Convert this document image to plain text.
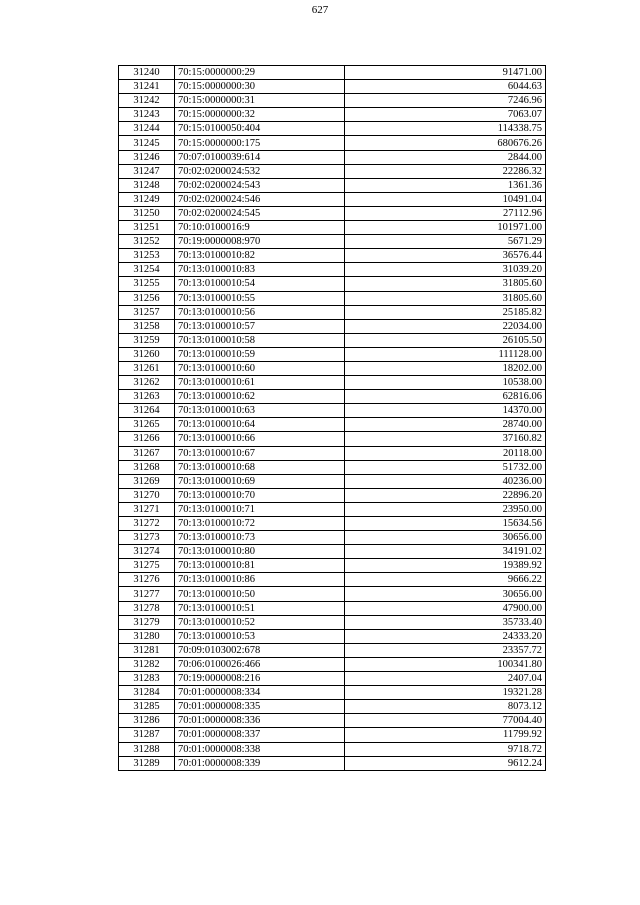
627
31240	70:15:0000000:29	91471.00
31241	70:15:0000000:30	6044.63
31242	70:15:0000000:31	7246.96
31243	70:15:0000000:32	7063.07
31244	70:15:0100050:404	114338.75
31245	70:15:0000000:175	680676.26
31246	70:07:0100039:614	2844.00
31247	70:02:0200024:532	22286.32
31248	70:02:0200024:543	1361.36
31249	70:02:0200024:546	10491.04
31250	70:02:0200024:545	27112.96
31251	70:10:0100016:9	101971.00
31252	70:19:0000008:970	5671.29
31253	70:13:0100010:82	36576.44
31254	70:13:0100010:83	31039.20
31255	70:13:0100010:54	31805.60
31256	70:13:0100010:55	31805.60
31257	70:13:0100010:56	25185.82
31258	70:13:0100010:57	22034.00
31259	70:13:0100010:58	26105.50
31260	70:13:0100010:59	111128.00
31261	70:13:0100010:60	18202.00
31262	70:13:0100010:61	10538.00
31263	70:13:0100010:62	62816.06
31264	70:13:0100010:63	14370.00
31265	70:13:0100010:64	28740.00
31266	70:13:0100010:66	37160.82
31267	70:13:0100010:67	20118.00
31268	70:13:0100010:68	51732.00
31269	70:13:0100010:69	40236.00
31270	70:13:0100010:70	22896.20
31271	70:13:0100010:71	23950.00
31272	70:13:0100010:72	15634.56
31273	70:13:0100010:73	30656.00
31274	70:13:0100010:80	34191.02
31275	70:13:0100010:81	19389.92
31276	70:13:0100010:86	9666.22
31277	70:13:0100010:50	30656.00
31278	70:13:0100010:51	47900.00
31279	70:13:0100010:52	35733.40
31280	70:13:0100010:53	24333.20
31281	70:09:0103002:678	23357.72
31282	70:06:0100026:466	100341.80
31283	70:19:0000008:216	2407.04
31284	70:01:0000008:334	19321.28
31285	70:01:0000008:335	8073.12
31286	70:01:0000008:336	77004.40
31287	70:01:0000008:337	11799.92
31288	70:01:0000008:338	9718.72
31289	70:01:0000008:339	9612.24
